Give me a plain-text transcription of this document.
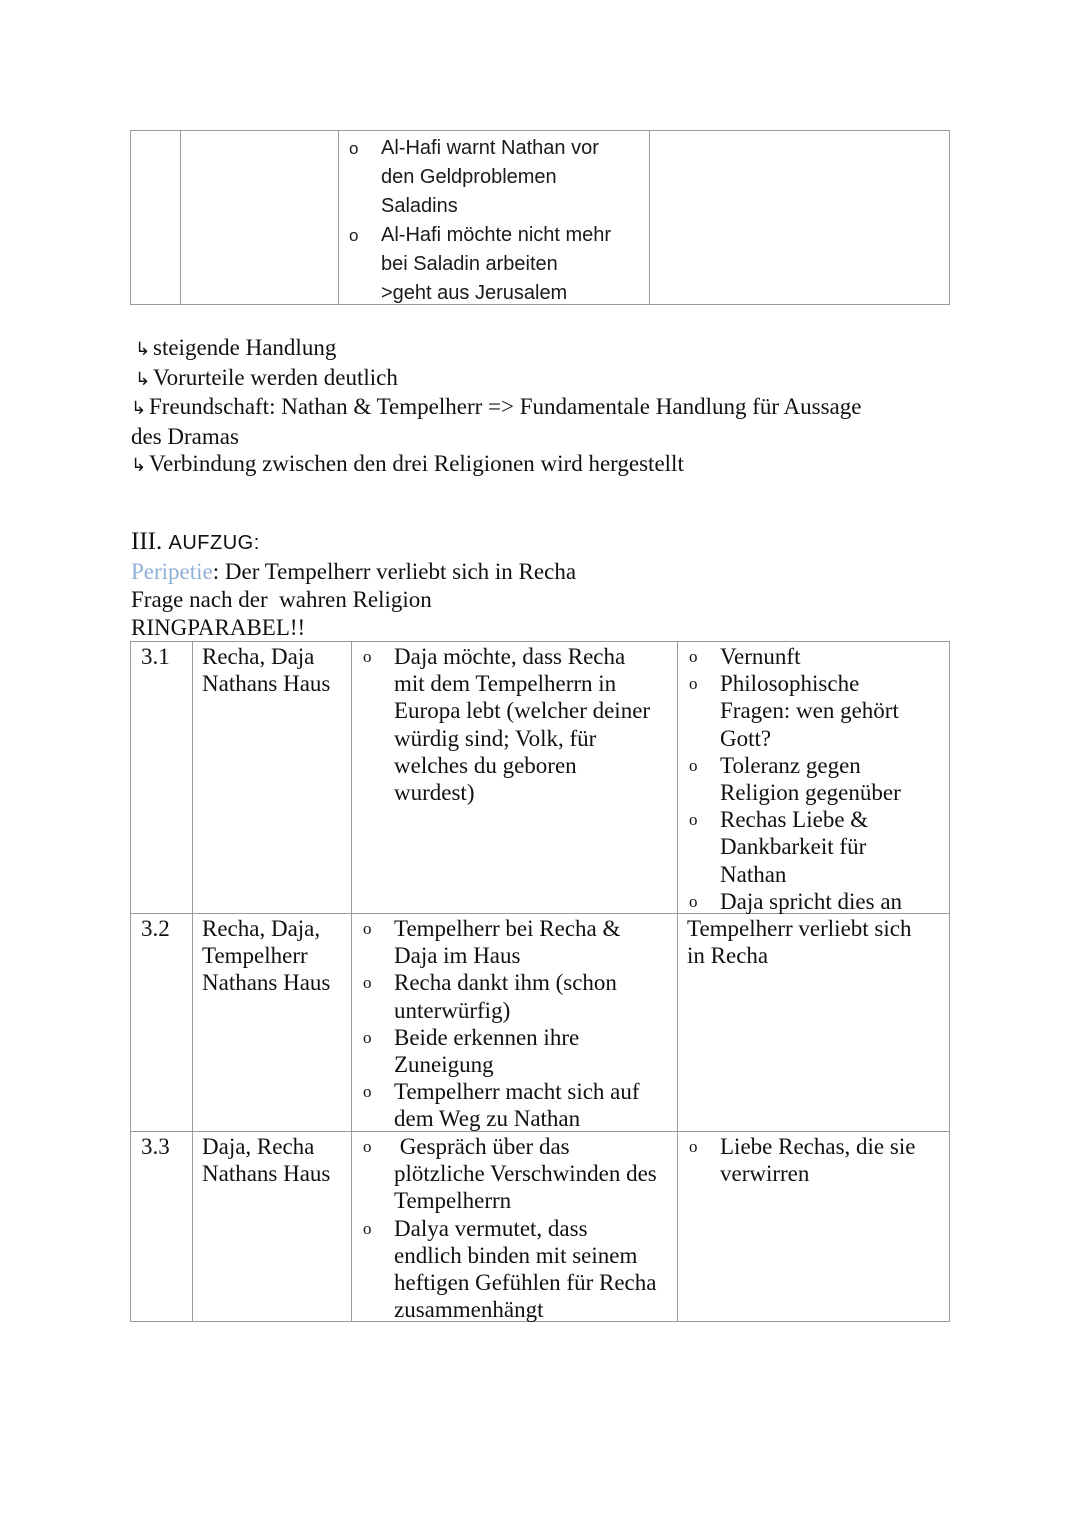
o Al-Hafi warnt Nathan vor
den Geldproblemen
Saladins
o Al-Hafi möchte nicht mehr
bei Saladin arbeiten
>geht aus Jerusalem
↳ steigende Handlung
↳ Vorurteile werden deutlich
↳ Freundschaft: Nathan & Tempelherr => Fundamentale Handlung für Aussage
des Dramas
↳ Verbindung zwischen den drei Religionen wird hergestellt
III. AUFZUG:
Peripetie: Der Tempelherr verliebt sich in Recha
Frage nach der  wahren Religion
RINGPARABEL!!
3.1 Recha, Daja
Nathans Haus
o Daja möchte, dass Recha
mit dem Tempelherrn in
Europa lebt (welcher deiner
würdig sind; Volk, für
welches du geboren
wurdest)
o Vernunft
o Philosophische
Fragen: wen gehört
Gott?
o Toleranz gegen
Religion gegenüber
o Rechas Liebe &
Dankbarkeit für
Nathan
o Daja spricht dies an
3.2 Recha, Daja,
Tempelherr
Nathans Haus
o Tempelherr bei Recha &
Daja im Haus
o Recha dankt ihm (schon
unterwürfig)
o Beide erkennen ihre
Zuneigung
o Tempelherr macht sich auf
dem Weg zu Nathan
Tempelherr verliebt sich
in Recha
3.3 Daja, Recha
Nathans Haus
o Gespräch über das
plötzliche Verschwinden des
Tempelherrn
o Dalya vermutet, dass
endlich binden mit seinem
heftigen Gefühlen für Recha
zusammenhängt
o Liebe Rechas, die sie
verwirren
